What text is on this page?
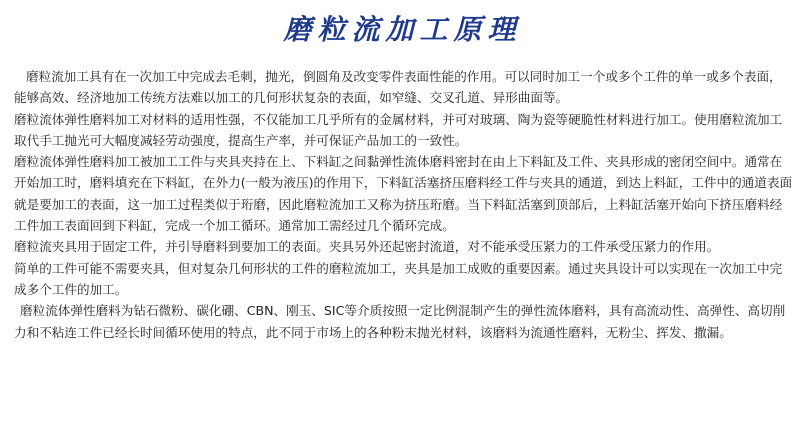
磨粒流加工原理

磨粒流加工具有在一次加工中完成去毛刺，抛光，倒圆角及改变零件表面性能的作用。可以同时加工一个或多个工件的单一或多个表面，能够高效、经济地加工传统方法难以加工的几何形状复杂的表面，如窄缝、交叉孔道、异形曲面等。

磨粒流体弹性磨料加工对材料的适用性强，不仅能加工几乎所有的金属材料，并可对玻璃、陶为瓷等硬脆性材料进行加工。使用磨粒流加工取代手工抛光可大幅度减轻劳动强度，提高生产率，并可保证产品加工的一致性。

磨粒流体弹性磨料加工被加工工件与夹具夹持在上、下料缸之间黏弹性流体磨料密封在由上下料缸及工件、夹具形成的密闭空间中。通常在开始加工时，磨料填充在下料缸，在外力(一般为液压)的作用下，下料缸活塞挤压磨料经工件与夹具的通道，到达上料缸，工件中的通道表面就是要加工的表面，这一加工过程类似于珩磨，因此磨粒流加工又称为挤压珩磨。当下料缸活塞到顶部后，上料缸活塞开始向下挤压磨料经工件加工表面回到下料缸，完成一个加工循环。通常加工需经过几个循环完成。

磨粒流夹具用于固定工件，并引导磨料到要加工的表面。夹具另外还起密封流道，对不能承受压紧力的工件承受压紧力的作用。

简单的工件可能不需要夹具，但对复杂几何形状的工件的磨粒流加工，夹具是加工成败的重要因素。通过夹具设计可以实现在一次加工中完成多个工件的加工。

磨粒流体弹性磨料为钻石微粉、碳化硼、CBN、刚玉、SIC等介质按照一定比例混制产生的弹性流体磨料，具有高流动性、高弹性、高切削力和不粘连工件已经长时间循环使用的特点，此不同于市场上的各种粉末抛光材料，该磨料为流通性磨料，无粉尘、挥发、撒漏。
